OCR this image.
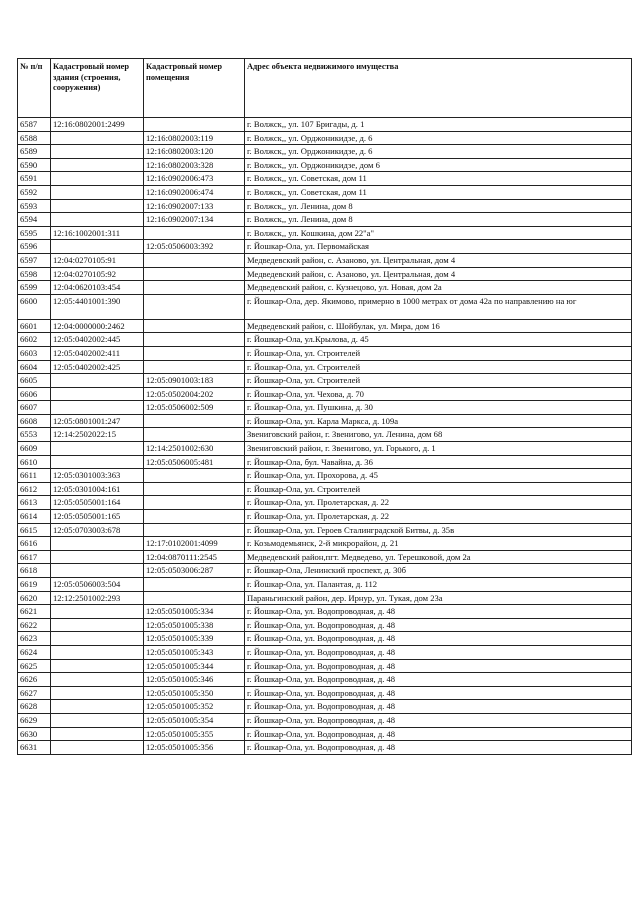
№ п/п	Кадастровый номер здания (строения, сооружения)	Кадастровый номер помещения	Адрес объекта недвижимого имущества
6587	12:16:0802001:2499		г. Волжск,, ул. 107 Бригады, д. 1
6588		12:16:0802003:119	г. Волжск,, ул. Орджоникидзе, д. 6
6589		12:16:0802003:120	г. Волжск,, ул. Орджоникидзе, д. 6
6590		12:16:0802003:328	г. Волжск,, ул. Орджоникидзе, дом 6
6591		12:16:0902006:473	г. Волжск,, ул. Советская, дом 11
6592		12:16:0902006:474	г. Волжск,, ул. Советская, дом 11
6593		12:16:0902007:133	г. Волжск,, ул. Ленина, дом 8
6594		12:16:0902007:134	г. Волжск,, ул. Ленина, дом 8
6595	12:16:1002001:311		г. Волжск,, ул. Кошкина, дом 22"а"
6596		12:05:0506003:392	г. Йошкар-Ола, ул. Первомайская
6597	12:04:0270105:91		Медведевский район, с. Азаново, ул. Центральная, дом 4
6598	12:04:0270105:92		Медведевский район, с. Азаново, ул. Центральная, дом 4
6599	12:04:0620103:454		Медведевский район, с. Кузнецово, ул. Новая, дом 2а
6600	12:05:4401001:390		г. Йошкар-Ола, дер. Якимово, примерно в 1000 метрах от дома 42а по направлению на юг
6601	12:04:0000000:2462		Медведевский район, с. Шойбулак, ул. Мира, дом 16
6602	12:05:0402002:445		г. Йошкар-Ола, ул.Крылова, д. 45
6603	12:05:0402002:411		г. Йошкар-Ола, ул. Строителей
6604	12:05:0402002:425		г. Йошкар-Ола, ул. Строителей
6605		12:05:0901003:183	г. Йошкар-Ола, ул. Строителей
6606		12:05:0502004:202	г. Йошкар-Ола, ул. Чехова, д. 70
6607		12:05:0506002:509	г. Йошкар-Ола, ул. Пушкина, д. 30
6608	12:05:0801001:247		г. Йошкар-Ола, ул. Карла Маркса, д. 109а
6553	12:14:2502022:15		Звениговский район, г. Звенигово, ул. Ленина, дом 68
6609		12:14:2501002:630	Звениговский район, г. Звенигово, ул. Горького, д. 1
6610		12:05:0506005:481	г. Йошкар-Ола, бул. Чавайна, д. 36
6611	12:05:0301003:363		г. Йошкар-Ола, ул. Прохорова, д. 45
6612	12:05:0301004:161		г. Йошкар-Ола, ул. Строителей
6613	12:05:0505001:164		г. Йошкар-Ола, ул. Пролетарская, д. 22
6614	12:05:0505001:165		г. Йошкар-Ола, ул. Пролетарская, д. 22
6615	12:05:0703003:678		г. Йошкар-Ола, ул. Героев Сталинградской Битвы, д. 35в
6616		12:17:0102001:4099	г. Козьмодемьянск, 2-й микрорайон, д. 21
6617		12:04:0870111:2545	Медведевский район,пгт. Медведево, ул. Терешковой, дом 2а
6618		12:05:0503006:287	г. Йошкар-Ола, Ленинский проспект, д. 30б
6619	12:05:0506003:504		г. Йошкар-Ола, ул. Палантая, д. 112
6620	12:12:2501002:293		Параньгинский район, дер. Ирнур, ул. Тукая, дом 23а
6621		12:05:0501005:334	г. Йошкар-Ола, ул. Водопроводная, д. 48
6622		12:05:0501005:338	г. Йошкар-Ола, ул. Водопроводная, д. 48
6623		12:05:0501005:339	г. Йошкар-Ола, ул. Водопроводная, д. 48
6624		12:05:0501005:343	г. Йошкар-Ола, ул. Водопроводная, д. 48
6625		12:05:0501005:344	г. Йошкар-Ола, ул. Водопроводная, д. 48
6626		12:05:0501005:346	г. Йошкар-Ола, ул. Водопроводная, д. 48
6627		12:05:0501005:350	г. Йошкар-Ола, ул. Водопроводная, д. 48
6628		12:05:0501005:352	г. Йошкар-Ола, ул. Водопроводная, д. 48
6629		12:05:0501005:354	г. Йошкар-Ола, ул. Водопроводная, д. 48
6630		12:05:0501005:355	г. Йошкар-Ола, ул. Водопроводная, д. 48
6631		12:05:0501005:356	г. Йошкар-Ола, ул. Водопроводная, д. 48
